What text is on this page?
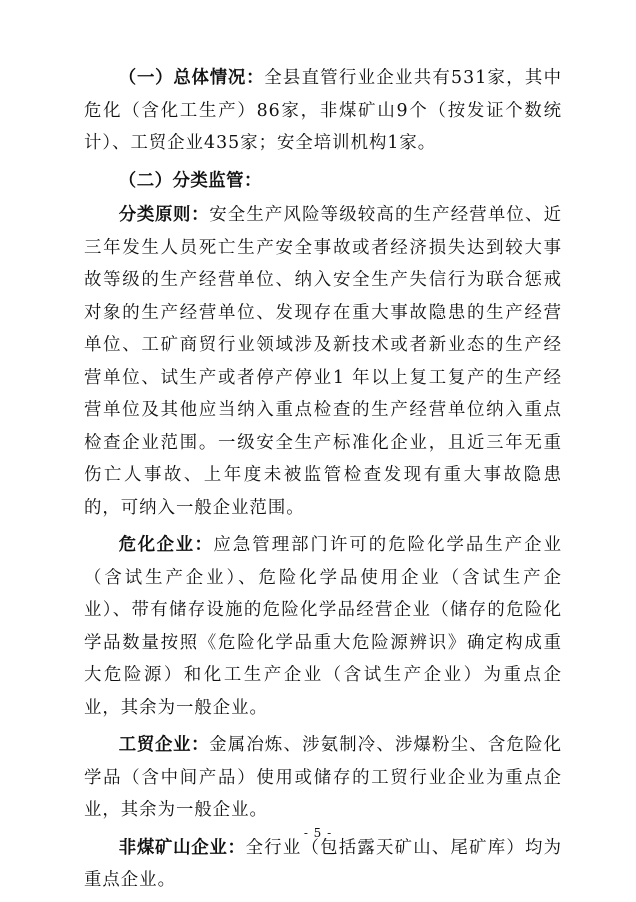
（一）总体情况：全县直管行业企业共有531家，其中危化（含化工生产）86家，非煤矿山9个（按发证个数统计）、工贸企业435家；安全培训机构1家。

（二）分类监管：

分类原则：安全生产风险等级较高的生产经营单位、近三年发生人员死亡生产安全事故或者经济损失达到较大事故等级的生产经营单位、纳入安全生产失信行为联合惩戒对象的生产经营单位、发现存在重大事故隐患的生产经营单位、工矿商贸行业领域涉及新技术或者新业态的生产经营单位、试生产或者停产停业1 年以上复工复产的生产经营单位及其他应当纳入重点检查的生产经营单位纳入重点检查企业范围。一级安全生产标准化企业，且近三年无重伤亡人事故、上年度未被监管检查发现有重大事故隐患的，可纳入一般企业范围。

危化企业：应急管理部门许可的危险化学品生产企业（含试生产企业）、危险化学品使用企业（含试生产企业）、带有储存设施的危险化学品经营企业（储存的危险化学品数量按照《危险化学品重大危险源辨识》确定构成重大危险源）和化工生产企业（含试生产企业）为重点企业，其余为一般企业。

工贸企业：金属冶炼、涉氨制冷、涉爆粉尘、含危险化学品（含中间产品）使用或储存的工贸行业企业为重点企业，其余为一般企业。

非煤矿山企业：全行业（包括露天矿山、尾矿库）均为重点企业。

- 5 -
